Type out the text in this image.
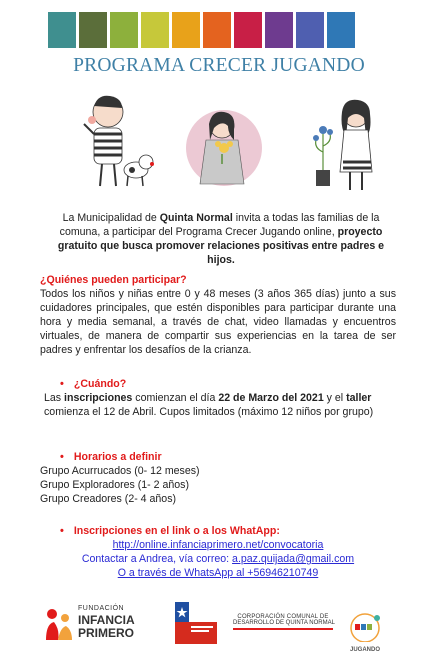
PROGRAMA CRECER JUGANDO
La Municipalidad de Quinta Normal invita a todas las familias de la comuna, a participar del Programa Crecer Jugando online, proyecto gratuito que busca promover relaciones positivas entre padres e hijos.
¿Quiénes pueden participar?
Todos los niños y niñas entre 0 y 48 meses (3 años 365 días) junto a sus cuidadores principales, que estén disponibles para participar durante una hora y media semanal, a través de chat, video llamadas y encuentros virtuales, de manera de compartir sus experiencias en la tarea de ser padres y enfrentar los desafíos de la crianza.
• ¿Cuándo?
Las inscripciones comienzan el día 22 de Marzo del 2021 y el taller
comienza el 12 de Abril. Cupos limitados (máximo 12 niños por grupo)
• Horarios a definir
Grupo Acurrucados (0- 12 meses)
Grupo Exploradores (1- 2 años)
Grupo Creadores (2- 4 años)
• Inscripciones en el link o a los WhatApp:
http://online.infanciaprimero.net/convocatoria
Contactar a Andrea, vía correo: a.paz.quijada@gmail.com
O a través de WhatsApp al +56946210749
FUNDACIÓN
INFANCIA
PRIMERO
CORPORACIÓN COMUNAL DE
DESARROLLO DE QUINTA NORMAL
JUGANDO
